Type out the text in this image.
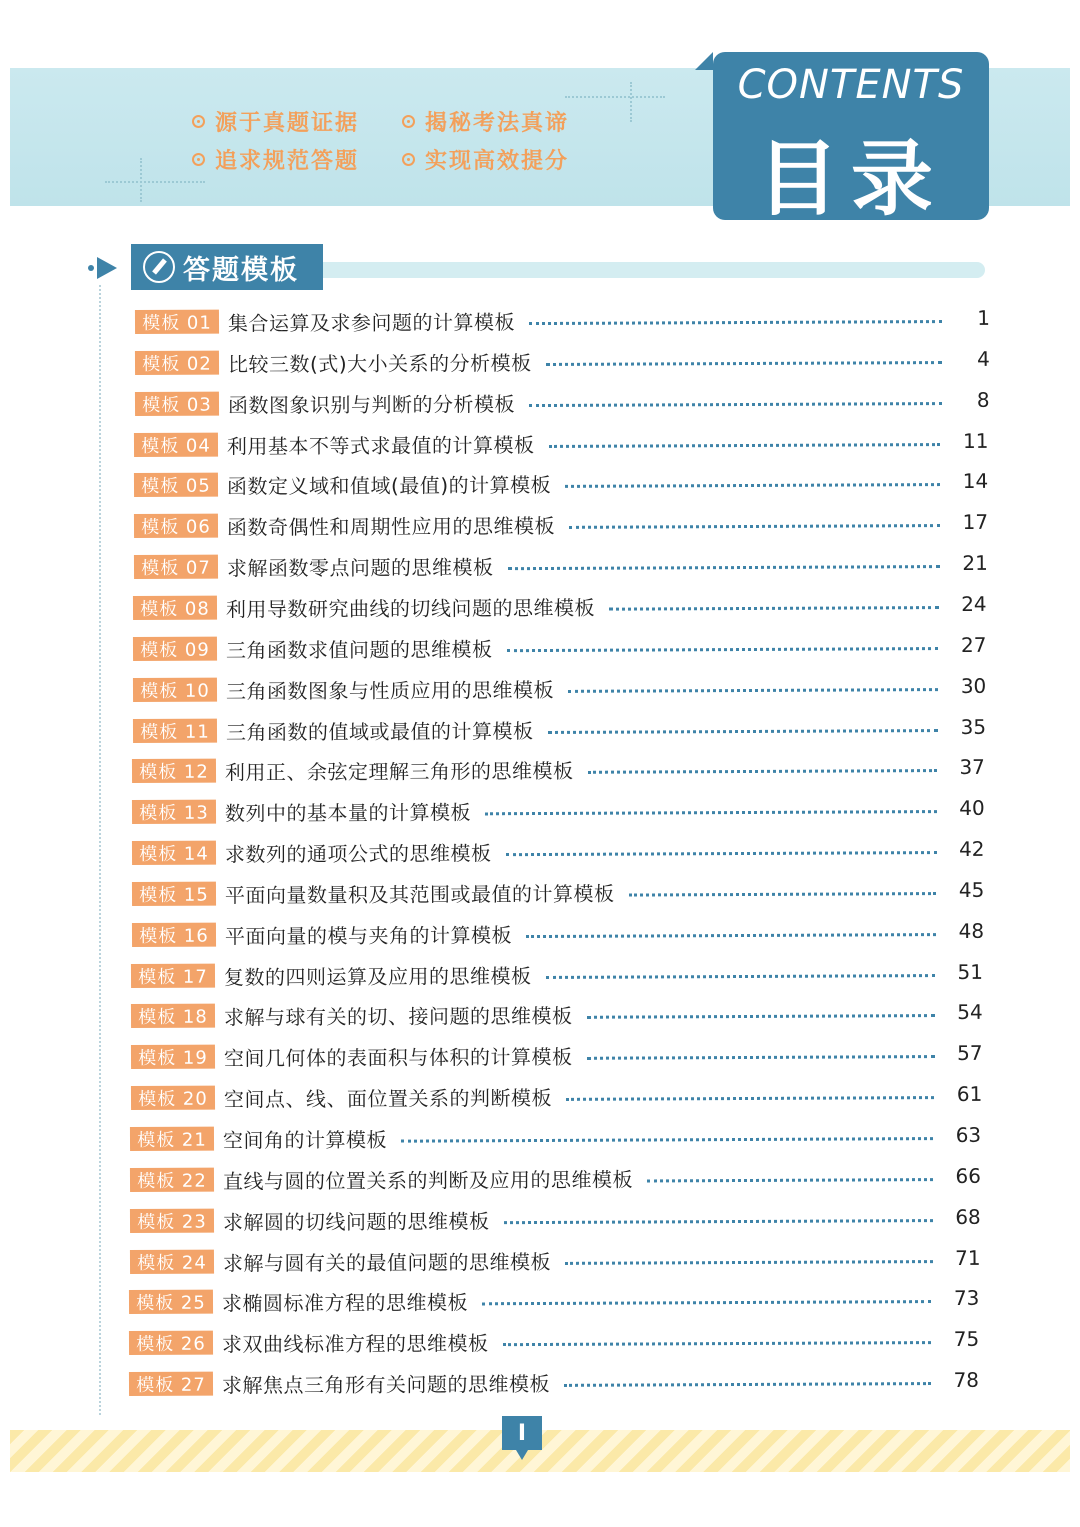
源于真题证据	揭秘考法真谛
追求规范答题	实现高效提分
CONTENTS
目录
答题模板
模板 01 集合运算及求参问题的计算模板	1
模板 02 比较三数(式)大小关系的分析模板	4
模板 03 函数图象识别与判断的分析模板	8
模板 04 利用基本不等式求最值的计算模板	11
模板 05 函数定义域和值域(最值)的计算模板	14
模板 06 函数奇偶性和周期性应用的思维模板	17
模板 07 求解函数零点问题的思维模板	21
模板 08 利用导数研究曲线的切线问题的思维模板	24
模板 09 三角函数求值问题的思维模板	27
模板 10 三角函数图象与性质应用的思维模板	30
模板 11 三角函数的值域或最值的计算模板	35
模板 12 利用正、余弦定理解三角形的思维模板	37
模板 13 数列中的基本量的计算模板	40
模板 14 求数列的通项公式的思维模板	42
模板 15 平面向量数量积及其范围或最值的计算模板	45
模板 16 平面向量的模与夹角的计算模板	48
模板 17 复数的四则运算及应用的思维模板	51
模板 18 求解与球有关的切、接问题的思维模板	54
模板 19 空间几何体的表面积与体积的计算模板	57
模板 20 空间点、线、面位置关系的判断模板	61
模板 21 空间角的计算模板	63
模板 22 直线与圆的位置关系的判断及应用的思维模板	66
模板 23 求解圆的切线问题的思维模板	68
模板 24 求解与圆有关的最值问题的思维模板	71
模板 25 求椭圆标准方程的思维模板	73
模板 26 求双曲线标准方程的思维模板	75
模板 27 求解焦点三角形有关问题的思维模板	78
I
